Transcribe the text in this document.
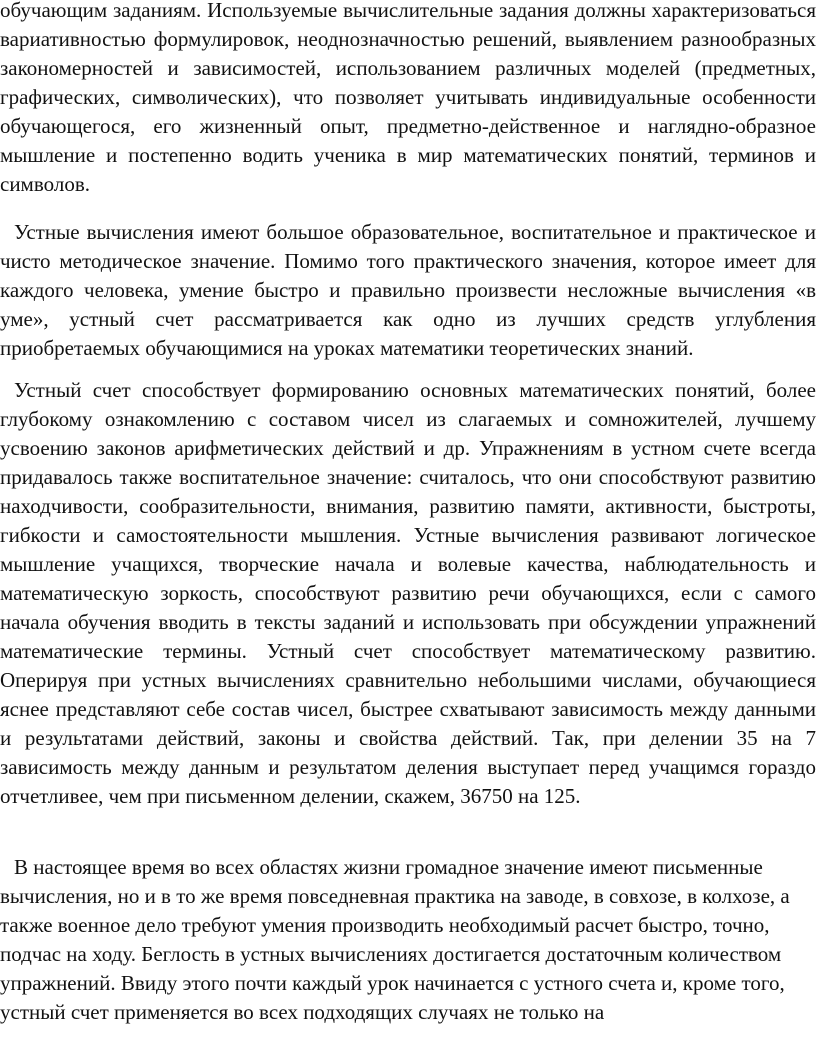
обучающим заданиям. Используемые вычислительные задания должны характеризоваться вариативностью формулировок, неоднозначностью решений, выявлением разнообразных закономерностей и зависимостей, использованием различных моделей (предметных, графических, символических), что позволяет учитывать индивидуальные особенности обучающегося, его жизненный опыт, предметно-действенное и наглядно-образное мышление и постепенно водить ученика в мир математических понятий, терминов и символов.

Устные вычисления имеют большое образовательное, воспитательное и практическое и чисто методическое значение. Помимо того практического значения, которое имеет для каждого человека, умение быстро и правильно произвести несложные вычисления «в уме», устный счет рассматривается как одно из лучших средств углубления приобретаемых обучающимися на уроках математики теоретических знаний.

Устный счет способствует формированию основных математических понятий, более глубокому ознакомлению с составом чисел из слагаемых и сомножителей, лучшему усвоению законов арифметических действий и др. Упражнениям в устном счете всегда придавалось также воспитательное значение: считалось, что они способствуют развитию находчивости, сообразительности, внимания, развитию памяти, активности, быстроты, гибкости и самостоятельности мышления. Устные вычисления развивают логическое мышление учащихся, творческие начала и волевые качества, наблюдательность и математическую зоркость, способствуют развитию речи обучающихся, если с самого начала обучения вводить в тексты заданий и использовать при обсуждении упражнений математические термины. Устный счет способствует математическому развитию. Оперируя при устных вычислениях сравнительно небольшими числами, обучающиеся яснее представляют себе состав чисел, быстрее схватывают зависимость между данными и результатами действий, законы и свойства действий. Так, при делении 35 на 7 зависимость между данным и результатом деления выступает перед учащимся гораздо отчетливее, чем при письменном делении, скажем, 36750 на 125.

В настоящее время во всех областях жизни громадное значение имеют письменные вычисления, но и в то же время повседневная практика на заводе, в совхозе, в колхозе, а также военное дело требуют умения производить необходимый расчет быстро, точно, подчас на ходу. Беглость в устных вычислениях достигается достаточным количеством упражнений. Ввиду этого почти каждый урок начинается с устного счета и, кроме того, устный счет применяется во всех подходящих случаях не только на
